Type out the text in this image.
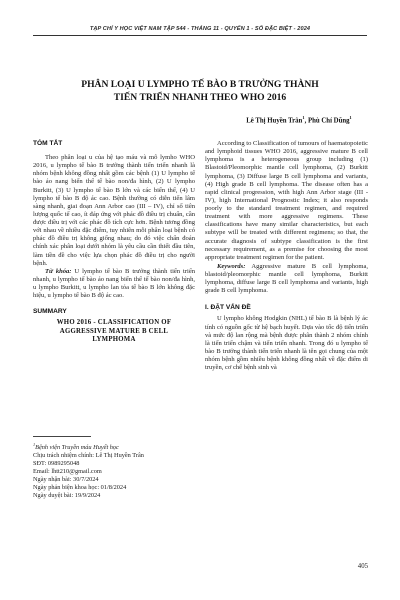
TẠP CHÍ Y HỌC VIỆT NAM TẬP 544 - THÁNG 11 - QUYỂN 1 - SỐ ĐẶC BIỆT - 2024
PHÂN LOẠI U LYMPHO TẾ BÀO B TRƯỞNG THÀNH
TIẾN TRIỂN NHANH THEO WHO 2016
Lê Thị Huyền Trân$^1$, Phù Chí Dũng$^1$
TÓM TẮT

Theo phân loại u của hệ tạo máu và mô lymho WHO 2016, u lympho tế bào B trưởng thành tiến triển nhanh là nhóm bệnh không đồng nhất gồm các bệnh (1) U lympho tế bào áo nang biến thể tế bào non/đa hình, (2) U lympho Burkitt, (3) U lympho tế bào B lớn và các biến thể, (4) U lympho tế bào B độ ác cao. Bệnh thường có diễn tiến lâm sàng nhanh, giai đoạn Ann Arbor cao (III – IV), chỉ số tiên lượng quốc tế cao, ít đáp ứng với phác đồ điều trị chuẩn, cần được điều trị với các phác đồ tích cực hơn. Bệnh tương đồng với nhau về nhiều đặc điểm, tuy nhiên mỗi phân loại bệnh có phác đồ điều trị không giống nhau; do đó việc chẩn đoán chính xác phân loại dưới nhóm là yêu cầu cần thiết đầu tiên, làm tiền đề cho việc lựa chọn phác đồ điều trị cho người bệnh.

Từ khóa: U lympho tế bào B trưởng thành tiến triển nhanh, u lympho tế bào áo nang biến thể tế bào non/đa hình, u lympho Burkitt, u lympho lan tỏa tế bào B lớn không đặc hiệu, u lympho tế bào B độ ác cao.

SUMMARY
WHO 2016 - CLASSIFICATION OF
AGGRESSIVE MATURE B CELL
LYMPHOMA
$^1$Bệnh viện Truyền máu Huyết học
Chịu trách nhiệm chính: Lê Thị Huyền Trân
SĐT: 0989295048
Email: lhtt210@gmail.com
Ngày nhận bài: 30/7/2024
Ngày phản biện khoa học: 01/8/2024
Ngày duyệt bài: 19/9/2024

According to Classification of tumours of haematopoietic and lymphoid tissues WHO 2016, aggressive mature B cell lymphoma is a heterogeneous group including (1) Blastoid/Pleomorphic mantle cell lymphoma, (2) Burkitt lymphoma, (3) Diffuse large B cell lymphoma and variants, (4) High grade B cell lymphoma. The disease often has a rapid clinical progression, with high Ann Arbor stage (III - IV), high International Prognostic Index; it also responds poorly to the standard treatment regimen, and required treatment with more aggressive regimens. These classifications have many similar characteristics, but each subtype will be treated with different regimens; so that, the accurate diagnosis of subtype classification is the first necessary requirement, as a premise for choosing the most appropriate treatment regimen for the patient.

Keywords: Aggressive mature B cell lymphoma, blastoid/pleomorphic mantle cell lymphoma, Burkitt lymphoma, diffuse large B cell lymphoma and variants, high grade B cell lymphoma.

I. ĐẶT VẤN ĐỀ

U lympho không Hodgkin (NHL) tế bào B là bệnh lý ác tính có nguồn gốc từ hệ bạch huyết. Dựa vào tốc độ tiến triển và mức độ lan rộng mà bệnh được phân thành 2 nhóm chính là tiến triển chậm và tiến triển nhanh. Trong đó u lympho tế bào B trưởng thành tiến triển nhanh là tên gọi chung của một nhóm bệnh gồm nhiều bệnh không đồng nhất về đặc điểm di truyền, cơ chế bệnh sinh và

405
